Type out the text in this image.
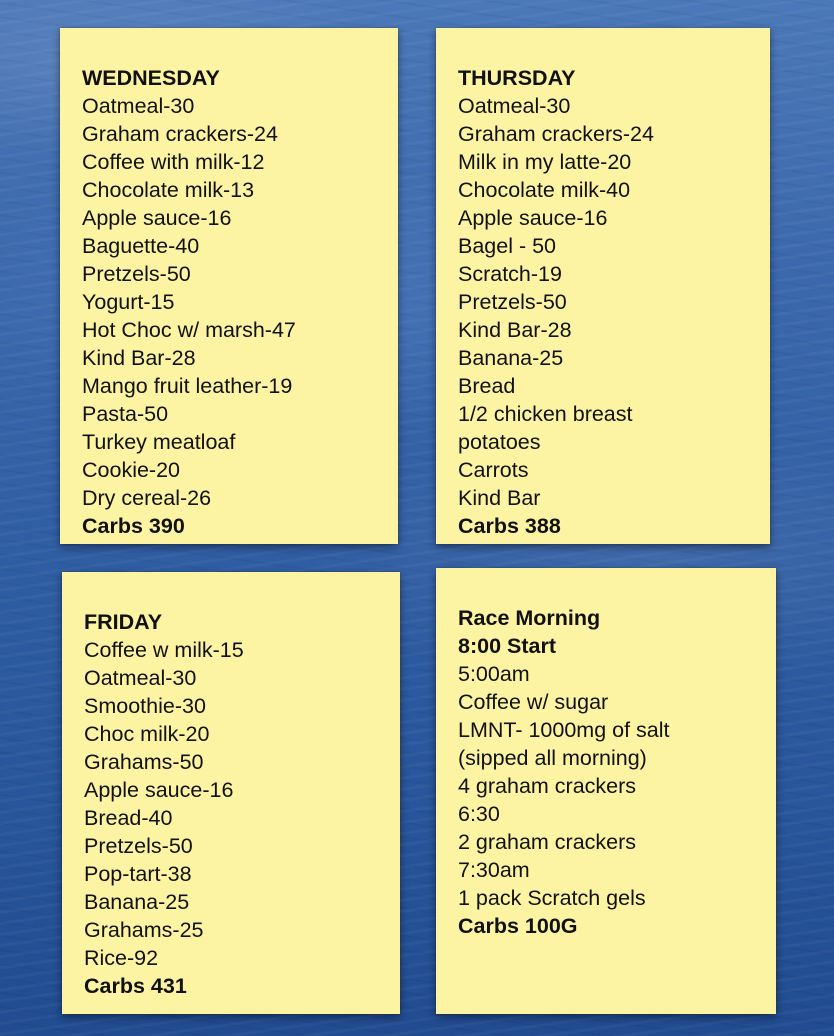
WEDNESDAY
Oatmeal-30
Graham crackers-24
Coffee with milk-12
Chocolate milk-13
Apple sauce-16
Baguette-40
Pretzels-50
Yogurt-15
Hot Choc w/ marsh-47
Kind Bar-28
Mango fruit leather-19
Pasta-50
Turkey meatloaf
Cookie-20
Dry cereal-26
Carbs 390
THURSDAY
Oatmeal-30
Graham crackers-24
Milk in my latte-20
Chocolate milk-40
Apple sauce-16
Bagel - 50
Scratch-19
Pretzels-50
Kind Bar-28
Banana-25
Bread
1/2 chicken breast
potatoes
Carrots
Kind Bar
Carbs 388
FRIDAY
Coffee w milk-15
Oatmeal-30
Smoothie-30
Choc milk-20
Grahams-50
Apple sauce-16
Bread-40
Pretzels-50
Pop-tart-38
Banana-25
Grahams-25
Rice-92
Carbs 431
Race Morning
8:00 Start
5:00am
Coffee w/ sugar
LMNT- 1000mg of salt
(sipped all morning)
4 graham crackers
6:30
2 graham crackers
7:30am
1 pack Scratch gels
Carbs 100G
